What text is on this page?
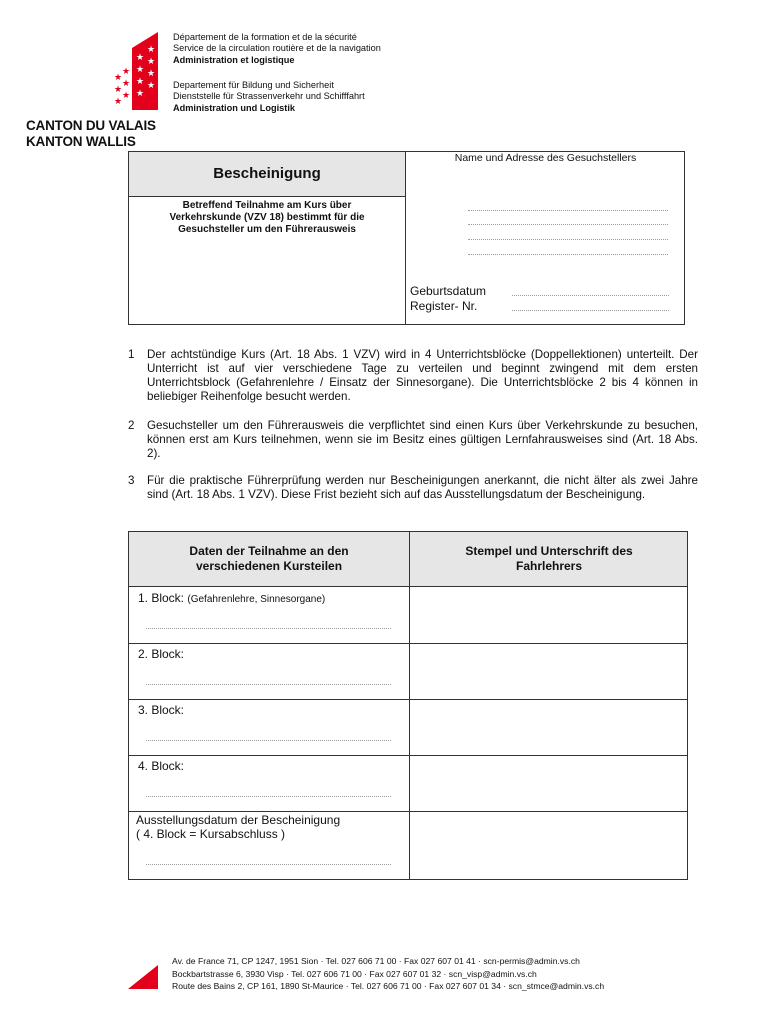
★
★
★
★
★
★
★
★
★
★
★
★
★
★
Département de la formation et de la sécurité
Service de la circulation routière et de la navigation
Administration et logistique
Departement für Bildung und Sicherheit
Dienststelle für Strassenverkehr und Schifffahrt
Administration und Logistik
CANTON DU VALAIS
KANTON WALLIS
Bescheinigung
Betreffend Teilnahme am Kurs über Verkehrskunde (VZV 18) bestimmt für die Gesuchsteller um den Führerausweis
Name und Adresse des Gesuchstellers
Geburtsdatum
Register- Nr.
1 Der achtstündige Kurs (Art. 18 Abs. 1 VZV) wird in 4 Unterrichtsblöcke (Doppellektionen) unterteilt. Der Unterricht ist auf vier verschiedene Tage zu verteilen und beginnt zwingend mit dem ersten Unterrichtsblock (Gefahrenlehre / Einsatz der Sinnesorgane). Die Unterrichtsblöcke 2 bis 4 können in beliebiger Reihenfolge besucht werden.
2 Gesuchsteller um den Führerausweis die verpflichtet sind einen Kurs über Verkehrskunde zu besuchen, können erst am Kurs teilnehmen, wenn sie im Besitz eines gültigen Lernfahrausweises sind (Art. 18 Abs. 2).
3 Für die praktische Führerprüfung werden nur Bescheinigungen anerkannt, die nicht älter als zwei Jahre sind (Art. 18 Abs. 1 VZV). Diese Frist bezieht sich auf das Ausstellungsdatum der Bescheinigung.
Daten der Teilnahme an den verschiedenen Kursteilen
Stempel und Unterschrift des Fahrlehrers
1. Block: (Gefahrenlehre, Sinnesorgane)
2. Block:
3. Block:
4. Block:
Ausstellungsdatum der Bescheinigung
( 4. Block = Kursabschluss )
Av. de France 71, CP 1247, 1951 Sion · Tel. 027 606 71 00 · Fax 027 607 01 41 · scn-permis@admin.vs.ch
Bockbartstrasse 6, 3930 Visp · Tel. 027 606 71 00 · Fax 027 607 01 32 · scn_visp@admin.vs.ch
Route des Bains 2, CP 161, 1890 St-Maurice · Tel. 027 606 71 00 · Fax 027 607 01 34 · scn_stmce@admin.vs.ch
